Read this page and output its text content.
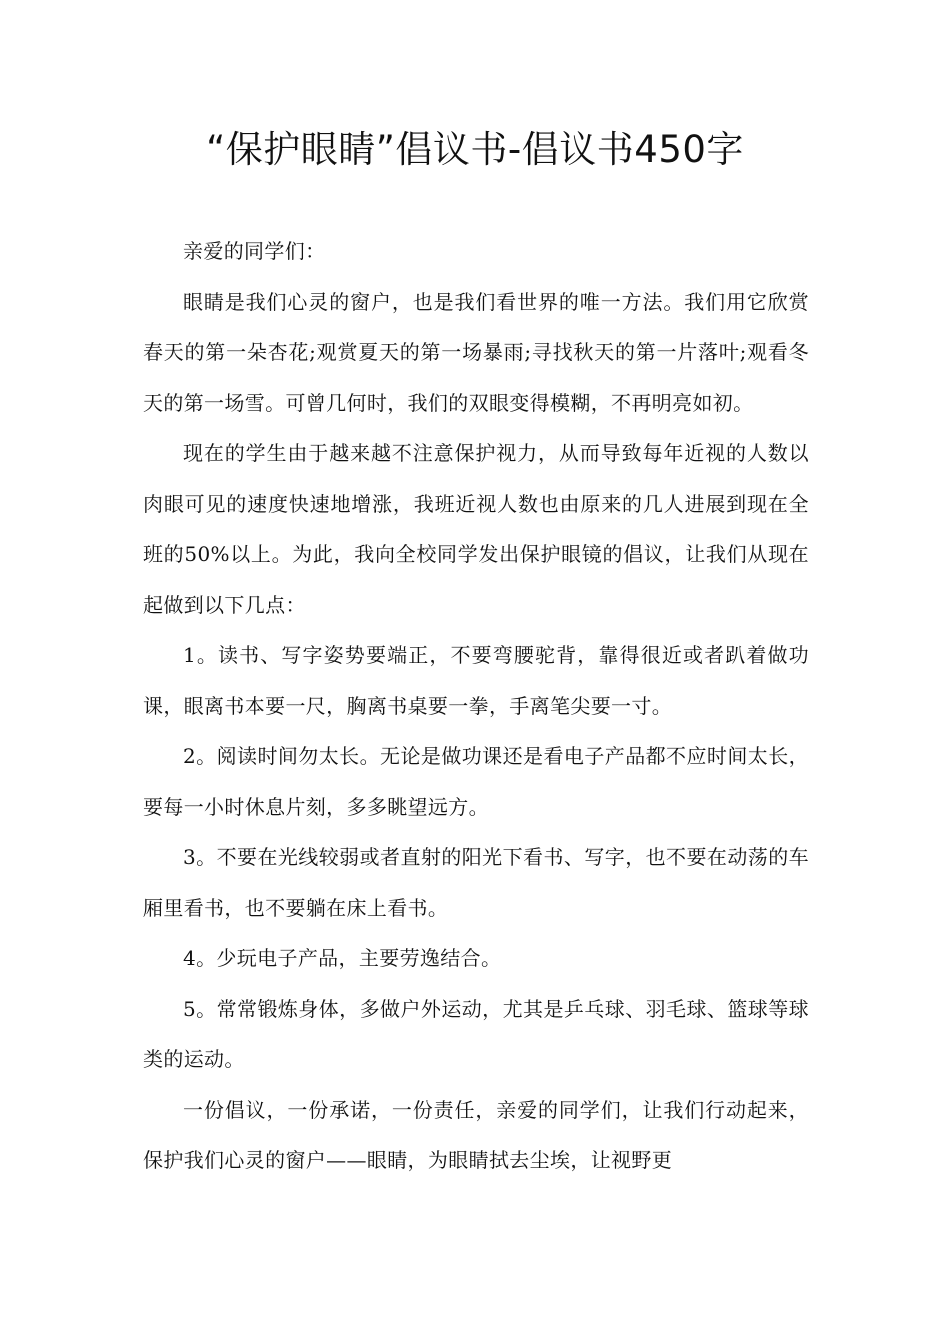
“保护眼睛”倡议书-倡议书450字

亲爱的同学们：

眼睛是我们心灵的窗户，也是我们看世界的唯一方法。我们用它欣赏春天的第一朵杏花;观赏夏天的第一场暴雨;寻找秋天的第一片落叶;观看冬天的第一场雪。可曾几何时，我们的双眼变得模糊，不再明亮如初。

现在的学生由于越来越不注意保护视力，从而导致每年近视的人数以肉眼可见的速度快速地增涨，我班近视人数也由原来的几人进展到现在全班的50%以上。为此，我向全校同学发出保护眼镜的倡议，让我们从现在起做到以下几点：

1。读书、写字姿势要端正，不要弯腰驼背，靠得很近或者趴着做功课，眼离书本要一尺，胸离书桌要一拳，手离笔尖要一寸。

2。阅读时间勿太长。无论是做功课还是看电子产品都不应时间太长，要每一小时休息片刻，多多眺望远方。

3。不要在光线较弱或者直射的阳光下看书、写字，也不要在动荡的车厢里看书，也不要躺在床上看书。

4。少玩电子产品，主要劳逸结合。

5。常常锻炼身体，多做户外运动，尤其是乒乓球、羽毛球、篮球等球类的运动。

一份倡议，一份承诺，一份责任，亲爱的同学们，让我们行动起来，保护我们心灵的窗户——眼睛，为眼睛拭去尘埃，让视野更
